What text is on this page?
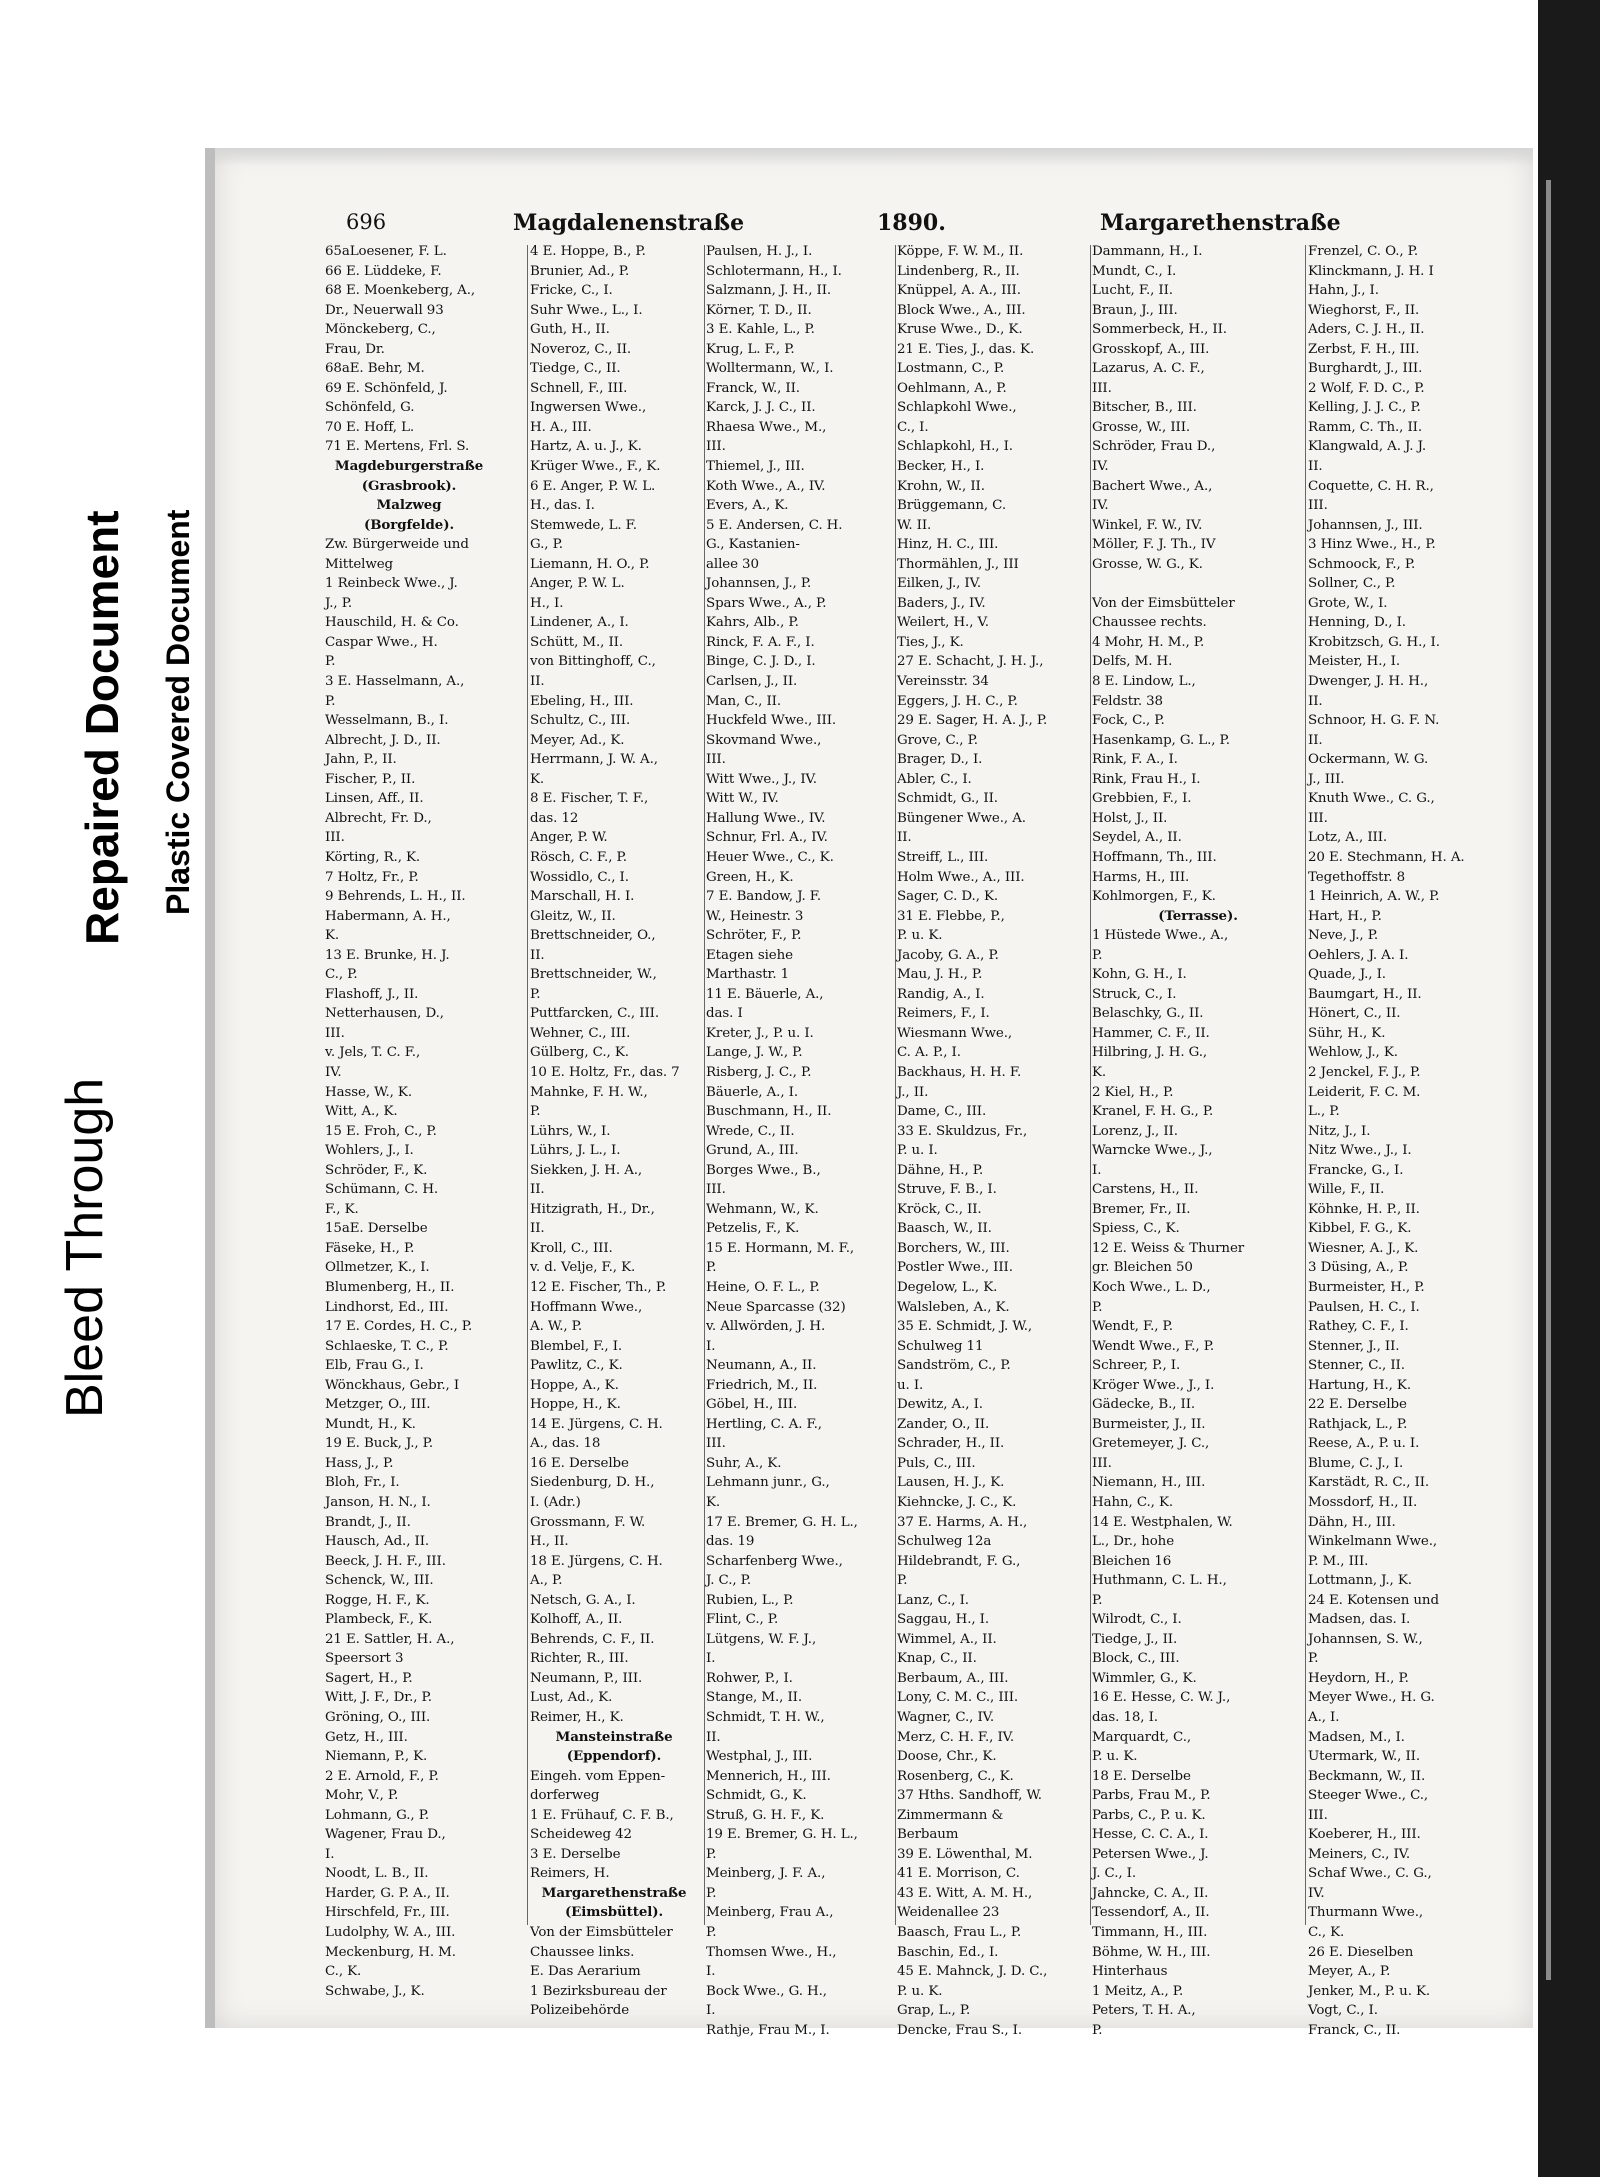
Bleed Through
Repaired Document Plastic Covered Document
696	Magdalenenstraße	1890.	Margarethenstraße
65aLoesener, F. L.
66 E. Lüddeke, F.
68 E. Moenkeberg, A.,
Dr., Neuerwall 93
Mönckeberg, C.,
Frau, Dr.
68aE. Behr, M.
69 E. Schönfeld, J.
Schönfeld, G.
70 E. Hoff, L.
71 E. Mertens, Frl. S.
Magdeburgerstraße
(Grasbrook).
Malzweg
(Borgfelde).
Zw. Bürgerweide und
Mittelweg
1 Reinbeck Wwe., J.
J., P.
Hauschild, H. & Co.
Caspar Wwe., H.
P.
3 E. Hasselmann, A.,
P.
Wesselmann, B., I.
Albrecht, J. D., II.
Jahn, P., II.
Fischer, P., II.
Linsen, Aff., II.
Albrecht, Fr. D.,
III.
Körting, R., K.
7 Holtz, Fr., P.
9 Behrends, L. H., II.
Habermann, A. H.,
K.
13 E. Brunke, H. J.
C., P.
Flashoff, J., II.
Netterhausen, D.,
III.
v. Jels, T. C. F.,
IV.
Hasse, W., K.
Witt, A., K.
15 E. Froh, C., P.
Wohlers, J., I.
Schröder, F., K.
Schümann, C. H.
F., K.
15aE. Derselbe
Fäseke, H., P.
Ollmetzer, K., I.
Blumenberg, H., II.
Lindhorst, Ed., III.
17 E. Cordes, H. C., P.
Schlaeske, T. C., P.
Elb, Frau G., I.
Wönckhaus, Gebr., I
Metzger, O., III.
Mundt, H., K.
19 E. Buck, J., P.
Hass, J., P.
Bloh, Fr., I.
Janson, H. N., I.
Brandt, J., II.
Hausch, Ad., II.
Beeck, J. H. F., III.
Schenck, W., III.
Rogge, H. F., K.
Plambeck, F., K.
21 E. Sattler, H. A.,
Speersort 3
Sagert, H., P.
Witt, J. F., Dr., P.
Gröning, O., III.
Getz, H., III.
Niemann, P., K.
2 E. Arnold, F., P.
Mohr, V., P.
Lohmann, G., P.
Wagener, Frau D.,
I.
Noodt, L. B., II.
Harder, G. P. A., II.
Hirschfeld, Fr., III.
Ludolphy, W. A., III.
Meckenburg, H. M.
C., K.
Schwabe, J., K.
4 E. Hoppe, B., P.
Brunier, Ad., P.
Fricke, C., I.
Suhr Wwe., L., I.
Guth, H., II.
Noveroz, C., II.
Tiedge, C., II.
Schnell, F., III.
Ingwersen Wwe.,
H. A., III.
Hartz, A. u. J., K.
Krüger Wwe., F., K.
6 E. Anger, P. W. L.
H., das. I.
Stemwede, L. F.
G., P.
Liemann, H. O., P.
Anger, P. W. L.
H., I.
Lindener, A., I.
Schütt, M., II.
von Bittinghoff, C.,
II.
Ebeling, H., III.
Schultz, C., III.
Meyer, Ad., K.
Herrmann, J. W. A.,
K.
8 E. Fischer, T. F.,
das. 12
Anger, P. W.
Rösch, C. F., P.
Wossidlo, C., I.
Marschall, H. I.
Gleitz, W., II.
Brettschneider, O.,
II.
Brettschneider, W.,
P.
Puttfarcken, C., III.
Wehner, C., III.
Gülberg, C., K.
10 E. Holtz, Fr., das. 7
Mahnke, F. H. W.,
P.
Lührs, W., I.
Lührs, J. L., I.
Siekken, J. H. A.,
II.
Hitzigrath, H., Dr.,
II.
Kroll, C., III.
v. d. Velje, F., K.
12 E. Fischer, Th., P.
Hoffmann Wwe.,
A. W., P.
Blembel, F., I.
Pawlitz, C., K.
Hoppe, A., K.
Hoppe, H., K.
14 E. Jürgens, C. H.
A., das. 18
16 E. Derselbe
Siedenburg, D. H.,
I. (Adr.)
Grossmann, F. W.
H., II.
18 E. Jürgens, C. H.
A., P.
Netsch, G. A., I.
Kolhoff, A., II.
Behrends, C. F., II.
Richter, R., III.
Neumann, P., III.
Lust, Ad., K.
Reimer, H., K.
Mansteinstraße
(Eppendorf).
Eingeh. vom Eppen-
dorferweg
1 E. Frühauf, C. F. B.,
Scheideweg 42
3 E. Derselbe
Reimers, H.
Margarethenstraße
(Eimsbüttel).
Von der Eimsbütteler
Chaussee links.
E. Das Aerarium
1 Bezirksbureau der
Polizeibehörde
Paulsen, H. J., I.
Schlotermann, H., I.
Salzmann, J. H., II.
Körner, T. D., II.
3 E. Kahle, L., P.
Krug, L. F., P.
Wolltermann, W., I.
Franck, W., II.
Karck, J. J. C., II.
Rhaesa Wwe., M.,
III.
Thiemel, J., III.
Koth Wwe., A., IV.
Evers, A., K.
5 E. Andersen, C. H.
G., Kastanien-
allee 30
Johannsen, J., P.
Spars Wwe., A., P.
Kahrs, Alb., P.
Rinck, F. A. F., I.
Binge, C. J. D., I.
Carlsen, J., II.
Man, C., II.
Huckfeld Wwe., III.
Skovmand Wwe.,
III.
Witt Wwe., J., IV.
Witt W., IV.
Hallung Wwe., IV.
Schnur, Frl. A., IV.
Heuer Wwe., C., K.
Green, H., K.
7 E. Bandow, J. F.
W., Heinestr. 3
Schröter, F., P.
Etagen siehe
Marthastr. 1
11 E. Bäuerle, A.,
das. I
Kreter, J., P. u. I.
Lange, J. W., P.
Risberg, J. C., P.
Bäuerle, A., I.
Buschmann, H., II.
Wrede, C., II.
Grund, A., III.
Borges Wwe., B.,
III.
Wehmann, W., K.
Petzelis, F., K.
15 E. Hormann, M. F.,
P.
Heine, O. F. L., P.
Neue Sparcasse (32)
v. Allwörden, J. H.
I.
Neumann, A., II.
Friedrich, M., II.
Göbel, H., III.
Hertling, C. A. F.,
III.
Suhr, A., K.
Lehmann junr., G.,
K.
17 E. Bremer, G. H. L.,
das. 19
Scharfenberg Wwe.,
J. C., P.
Rubien, L., P.
Flint, C., P.
Lütgens, W. F. J.,
I.
Rohwer, P., I.
Stange, M., II.
Schmidt, T. H. W.,
II.
Westphal, J., III.
Mennerich, H., III.
Schmidt, G., K.
Struß, G. H. F., K.
19 E. Bremer, G. H. L.,
P.
Meinberg, J. F. A.,
P.
Meinberg, Frau A.,
P.
Thomsen Wwe., H.,
I.
Bock Wwe., G. H.,
I.
Rathje, Frau M., I.
Köppe, F. W. M., II.
Lindenberg, R., II.
Knüppel, A. A., III.
Block Wwe., A., III.
Kruse Wwe., D., K.
21 E. Ties, J., das. K.
Lostmann, C., P.
Oehlmann, A., P.
Schlapkohl Wwe.,
C., I.
Schlapkohl, H., I.
Becker, H., I.
Krohn, W., II.
Brüggemann, C.
W. II.
Hinz, H. C., III.
Thormählen, J., III
Eilken, J., IV.
Baders, J., IV.
Weilert, H., V.
Ties, J., K.
27 E. Schacht, J. H. J.,
Vereinsstr. 34
Eggers, J. H. C., P.
29 E. Sager, H. A. J., P.
Grove, C., P.
Brager, D., I.
Abler, C., I.
Schmidt, G., II.
Büngener Wwe., A.
II.
Streiff, L., III.
Holm Wwe., A., III.
Sager, C. D., K.
31 E. Flebbe, P.,
P. u. K.
Jacoby, G. A., P.
Mau, J. H., P.
Randig, A., I.
Reimers, F., I.
Wiesmann Wwe.,
C. A. P., I.
Backhaus, H. H. F.
J., II.
Dame, C., III.
33 E. Skuldzus, Fr.,
P. u. I.
Dähne, H., P.
Struve, F. B., I.
Kröck, C., II.
Baasch, W., II.
Borchers, W., III.
Postler Wwe., III.
Degelow, L., K.
Walsleben, A., K.
35 E. Schmidt, J. W.,
Schulweg 11
Sandström, C., P.
u. I.
Dewitz, A., I.
Zander, O., II.
Schrader, H., II.
Puls, C., III.
Lausen, H. J., K.
Kiehncke, J. C., K.
37 E. Harms, A. H.,
Schulweg 12a
Hildebrandt, F. G.,
P.
Lanz, C., I.
Saggau, H., I.
Wimmel, A., II.
Knap, C., II.
Berbaum, A., III.
Lony, C. M. C., III.
Wagner, C., IV.
Merz, C. H. F., IV.
Doose, Chr., K.
Rosenberg, C., K.
37 Hths. Sandhoff, W.
Zimmermann &
Berbaum
39 E. Löwenthal, M.
41 E. Morrison, C.
43 E. Witt, A. M. H.,
Weidenallee 23
Baasch, Frau L., P.
Baschin, Ed., I.
45 E. Mahnck, J. D. C.,
P. u. K.
Grap, L., P.
Dencke, Frau S., I.
Dammann, H., I.
Mundt, C., I.
Lucht, F., II.
Braun, J., III.
Sommerbeck, H., II.
Grosskopf, A., III.
Lazarus, A. C. F.,
III.
Bitscher, B., III.
Grosse, W., III.
Schröder, Frau D.,
IV.
Bachert Wwe., A.,
IV.
Winkel, F. W., IV.
Möller, F. J. Th., IV
Grosse, W. G., K.
Von der Eimsbütteler
Chaussee rechts.
4 Mohr, H. M., P.
Delfs, M. H.
8 E. Lindow, L.,
Feldstr. 38
Fock, C., P.
Hasenkamp, G. L., P.
Rink, F. A., I.
Rink, Frau H., I.
Grebbien, F., I.
Holst, J., II.
Seydel, A., II.
Hoffmann, Th., III.
Harms, H., III.
Kohlmorgen, F., K.
(Terrasse).
1 Hüstede Wwe., A.,
P.
Kohn, G. H., I.
Struck, C., I.
Belaschky, G., II.
Hammer, C. F., II.
Hilbring, J. H. G.,
K.
2 Kiel, H., P.
Kranel, F. H. G., P.
Lorenz, J., II.
Warncke Wwe., J.,
I.
Carstens, H., II.
Bremer, Fr., II.
Spiess, C., K.
12 E. Weiss & Thurner
gr. Bleichen 50
Koch Wwe., L. D.,
P.
Wendt, F., P.
Wendt Wwe., F., P.
Schreer, P., I.
Kröger Wwe., J., I.
Gädecke, B., II.
Burmeister, J., II.
Gretemeyer, J. C.,
III.
Niemann, H., III.
Hahn, C., K.
14 E. Westphalen, W.
L., Dr., hohe
Bleichen 16
Huthmann, C. L. H.,
P.
Wilrodt, C., I.
Tiedge, J., II.
Block, C., III.
Wimmler, G., K.
16 E. Hesse, C. W. J.,
das. 18, I.
Marquardt, C.,
P. u. K.
18 E. Derselbe
Parbs, Frau M., P.
Parbs, C., P. u. K.
Hesse, C. C. A., I.
Petersen Wwe., J.
J. C., I.
Jahncke, C. A., II.
Tessendorf, A., II.
Timmann, H., III.
Böhme, W. H., III.
Hinterhaus
1 Meitz, A., P.
Peters, T. H. A.,
P.
Frenzel, C. O., P.
Klinckmann, J. H. I
Hahn, J., I.
Wieghorst, F., II.
Aders, C. J. H., II.
Zerbst, F. H., III.
Burghardt, J., III.
2 Wolf, F. D. C., P.
Kelling, J. J. C., P.
Ramm, C. Th., II.
Klangwald, A. J. J.
II.
Coquette, C. H. R.,
III.
Johannsen, J., III.
3 Hinz Wwe., H., P.
Schmoock, F., P.
Sollner, C., P.
Grote, W., I.
Henning, D., I.
Krobitzsch, G. H., I.
Meister, H., I.
Dwenger, J. H. H.,
II.
Schnoor, H. G. F. N.
II.
Ockermann, W. G.
J., III.
Knuth Wwe., C. G.,
III.
Lotz, A., III.
20 E. Stechmann, H. A.
Tegethoffstr. 8
1 Heinrich, A. W., P.
Hart, H., P.
Neve, J., P.
Oehlers, J. A. I.
Quade, J., I.
Baumgart, H., II.
Hönert, C., II.
Sühr, H., K.
Wehlow, J., K.
2 Jenckel, F. J., P.
Leiderit, F. C. M.
L., P.
Nitz, J., I.
Nitz Wwe., J., I.
Francke, G., I.
Wille, F., II.
Köhnke, H. P., II.
Kibbel, F. G., K.
Wiesner, A. J., K.
3 Düsing, A., P.
Burmeister, H., P.
Paulsen, H. C., I.
Rathey, C. F., I.
Stenner, J., II.
Stenner, C., II.
Hartung, H., K.
22 E. Derselbe
Rathjack, L., P.
Reese, A., P. u. I.
Blume, C. J., I.
Karstädt, R. C., II.
Mossdorf, H., II.
Dähn, H., III.
Winkelmann Wwe.,
P. M., III.
Lottmann, J., K.
24 E. Kotensen und
Madsen, das. I.
Johannsen, S. W.,
P.
Heydorn, H., P.
Meyer Wwe., H. G.
A., I.
Madsen, M., I.
Utermark, W., II.
Beckmann, W., II.
Steeger Wwe., C.,
III.
Koeberer, H., III.
Meiners, C., IV.
Schaf Wwe., C. G.,
IV.
Thurmann Wwe.,
C., K.
26 E. Dieselben
Meyer, A., P.
Jenker, M., P. u. K.
Vogt, C., I.
Franck, C., II.
